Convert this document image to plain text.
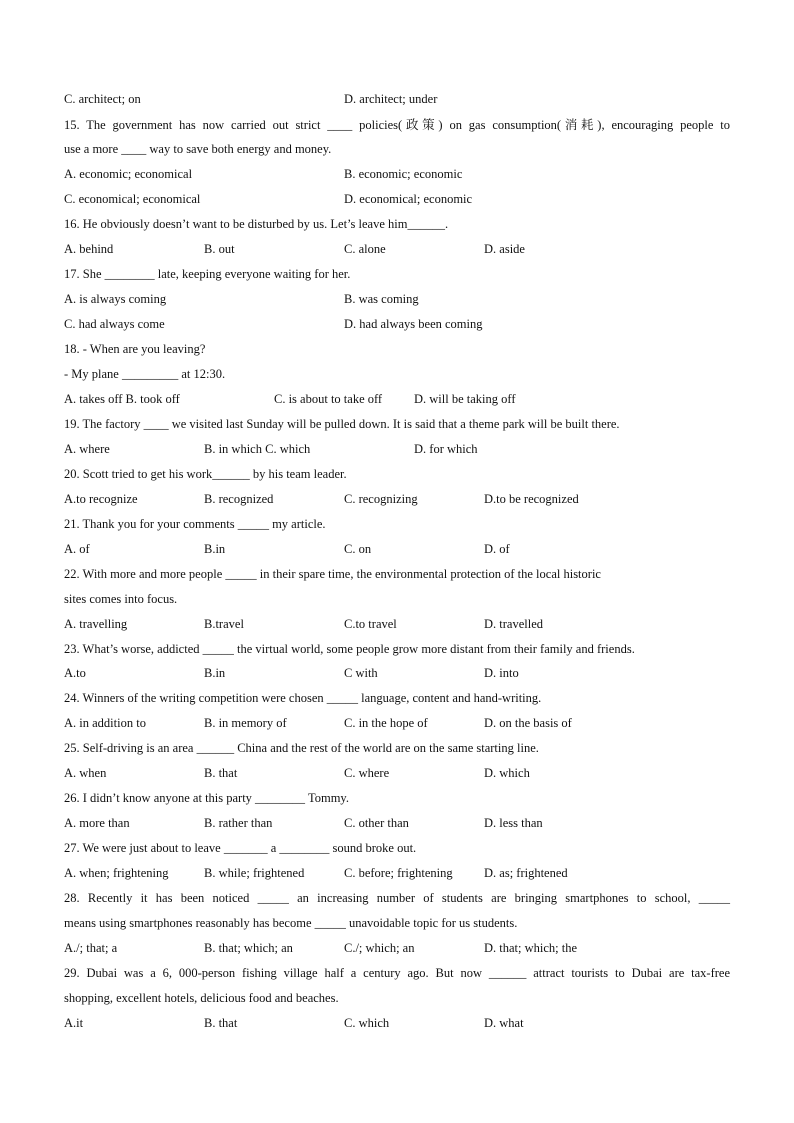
C. architect; on	D. architect; under
15. The government has now carried out strict ____ policies(政策) on gas consumption(消耗), encouraging people to
use a more ____ way to save both energy and money.
A. economic; economical	B. economic; economic
C. economical; economical	D. economical; economic
16. He obviously doesn’t want to be disturbed by us. Let’s leave him______.
A. behind	B. out	C. alone	D. aside
17. She ________ late, keeping everyone waiting for her.
A. is always coming	B. was coming
C. had always come	D. had always been coming
18. - When are you leaving?
- My plane _________ at 12:30.
A. takes off B. took off	C. is about to take off	D. will be taking off
19. The factory ____ we visited last Sunday will be pulled down. It is said that a theme park will be built there.
A. where	B. in which C. which	D. for which
20. Scott tried to get his work______ by his team leader.
A.to recognize	B. recognized	C. recognizing	D.to be recognized
21. Thank you for your comments _____ my article.
A. of	B.in	C. on	D. of
22. With more and more people _____ in their spare time, the environmental protection of the local historic
sites comes into focus.
A. travelling	B.travel	C.to travel	D. travelled
23. What’s worse, addicted _____ the virtual world, some people grow more distant from their family and friends.
A.to	B.in	C with	D. into
24. Winners of the writing competition were chosen _____ language, content and hand-writing.
A. in addition to	B. in memory of	C. in the hope of	D. on the basis of
25. Self-driving is an area ______ China and the rest of the world are on the same starting line.
A. when	B. that	C. where	D. which
26. I didn’t know anyone at this party ________ Tommy.
A. more than	B. rather than	C. other than	D. less than
27. We were just about to leave _______ a ________ sound broke out.
A. when; frightening	B. while; frightened	C. before; frightening	D. as; frightened
28. Recently it has been noticed _____ an increasing number of students are bringing smartphones to school, _____
means using smartphones reasonably has become _____ unavoidable topic for us students.
A./; that; a	B. that; which; an	C./; which; an	D. that; which; the
29. Dubai was a 6, 000-person fishing village half a century ago. But now ______ attract tourists to Dubai are tax-free
shopping, excellent hotels, delicious food and beaches.
A.it	B. that	C. which	D. what
